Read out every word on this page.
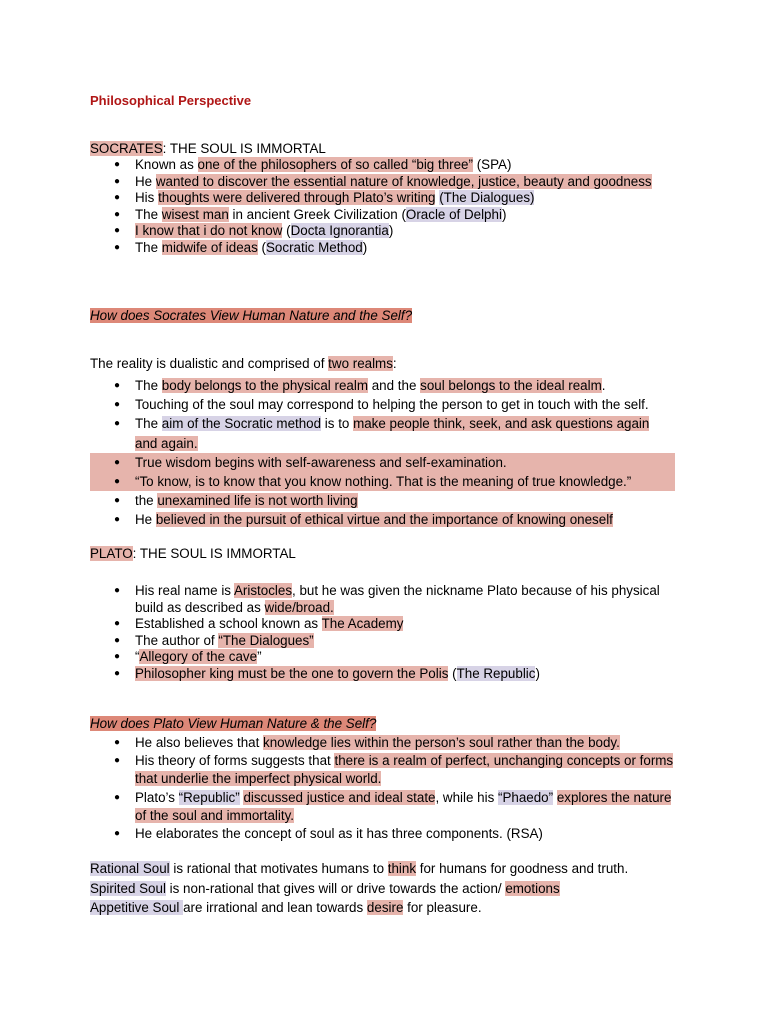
Philosophical Perspective
SOCRATES: THE SOUL IS IMMORTAL
● Known as one of the philosophers of so called “big three” (SPA)
● He wanted to discover the essential nature of knowledge, justice, beauty and goodness
● His thoughts were delivered through Plato’s writing (The Dialogues)
● The wisest man in ancient Greek Civilization (Oracle of Delphi)
● I know that i do not know (Docta Ignorantia)
● The midwife of ideas (Socratic Method)
How does Socrates View Human Nature and the Self?
The reality is dualistic and comprised of two realms:
● The body belongs to the physical realm and the soul belongs to the ideal realm.
● Touching of the soul may correspond to helping the person to get in touch with the self.
● The aim of the Socratic method is to make people think, seek, and ask questions again and again.
● True wisdom begins with self-awareness and self-examination.
● “To know, is to know that you know nothing. That is the meaning of true knowledge.”
● the unexamined life is not worth living
● He believed in the pursuit of ethical virtue and the importance of knowing oneself
PLATO: THE SOUL IS IMMORTAL
● His real name is Aristocles, but he was given the nickname Plato because of his physical build as described as wide/broad.
● Established a school known as The Academy
● The author of “The Dialogues”
● “Allegory of the cave”
● Philosopher king must be the one to govern the Polis (The Republic)
How does Plato View Human Nature & the Self?
● He also believes that knowledge lies within the person’s soul rather than the body.
● His theory of forms suggests that there is a realm of perfect, unchanging concepts or forms that underlie the imperfect physical world.
● Plato’s “Republic” discussed justice and ideal state, while his “Phaedo” explores the nature of the soul and immortality.
● He elaborates the concept of soul as it has three components. (RSA)
Rational Soul is rational that motivates humans to think for humans for goodness and truth.
Spirited Soul is non-rational that gives will or drive towards the action/ emotions
Appetitive Soul are irrational and lean towards desire for pleasure.
